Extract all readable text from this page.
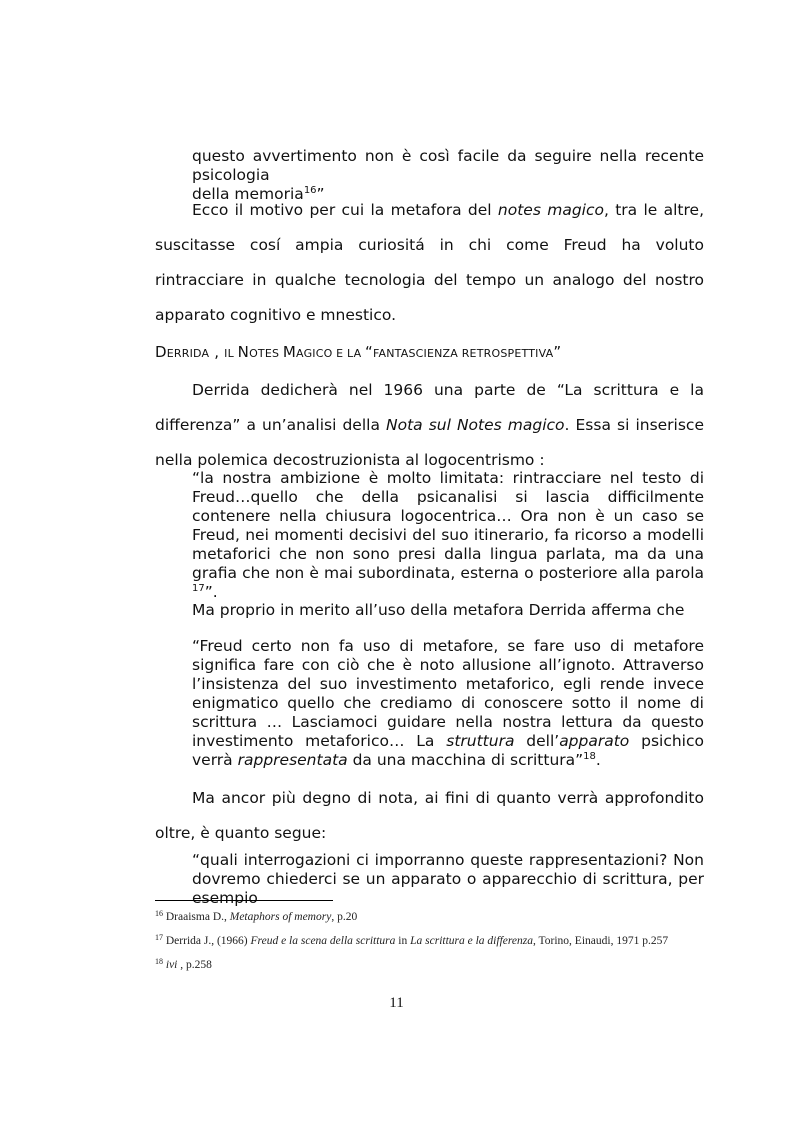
questo avvertimento non è così facile da seguire nella recente psicologia
della memoria$^{16}$”

Ecco il motivo per cui la metafora del notes magico, tra le altre, suscitasse cosí ampia curiositá in chi come Freud ha voluto rintracciare in qualche tecnologia del tempo un analogo del nostro apparato cognitivo e mnestico.

DERRIDA , IL NOTES MAGICO E LA “FANTASCIENZA RETROSPETTIVA”

Derrida dedicherà nel 1966 una parte de “La scrittura e la differenza” a un’analisi della Nota sul Notes magico. Essa si inserisce nella polemica decostruzionista al logocentrismo :

“la nostra ambizione è molto limitata: rintracciare nel testo di Freud…quello che della psicanalisi si lascia difficilmente contenere nella chiusura logocentrica… Ora non è un caso se Freud, nei momenti decisivi del suo itinerario, fa ricorso a modelli metaforici che non sono presi dalla lingua parlata, ma da una grafia che non è mai subordinata, esterna o posteriore alla parola $^{17}$”.

Ma proprio in merito all’uso della metafora Derrida afferma che

“Freud certo non fa uso di metafore, se fare uso di metafore significa fare con ciò che è noto allusione all’ignoto. Attraverso l’insistenza del suo investimento metaforico, egli rende invece enigmatico quello che crediamo di conoscere sotto il nome di scrittura … Lasciamoci guidare nella nostra lettura da questo investimento metaforico… La struttura dell’apparato psichico verrà rappresentata da una macchina di scrittura”$^{18}$.

Ma ancor più degno di nota, ai fini di quanto verrà approfondito oltre, è quanto segue:

“quali interrogazioni ci imporranno queste rappresentazioni? Non dovremo chiederci se un apparato o apparecchio di scrittura, per esempio

$^{16}$ Draaisma D., Metaphors of memory, p.20
$^{17}$ Derrida J., (1966) Freud e la scena della scrittura in La scrittura e la differenza, Torino, Einaudi, 1971 p.257
$^{18}$ ivi , p.258
11
